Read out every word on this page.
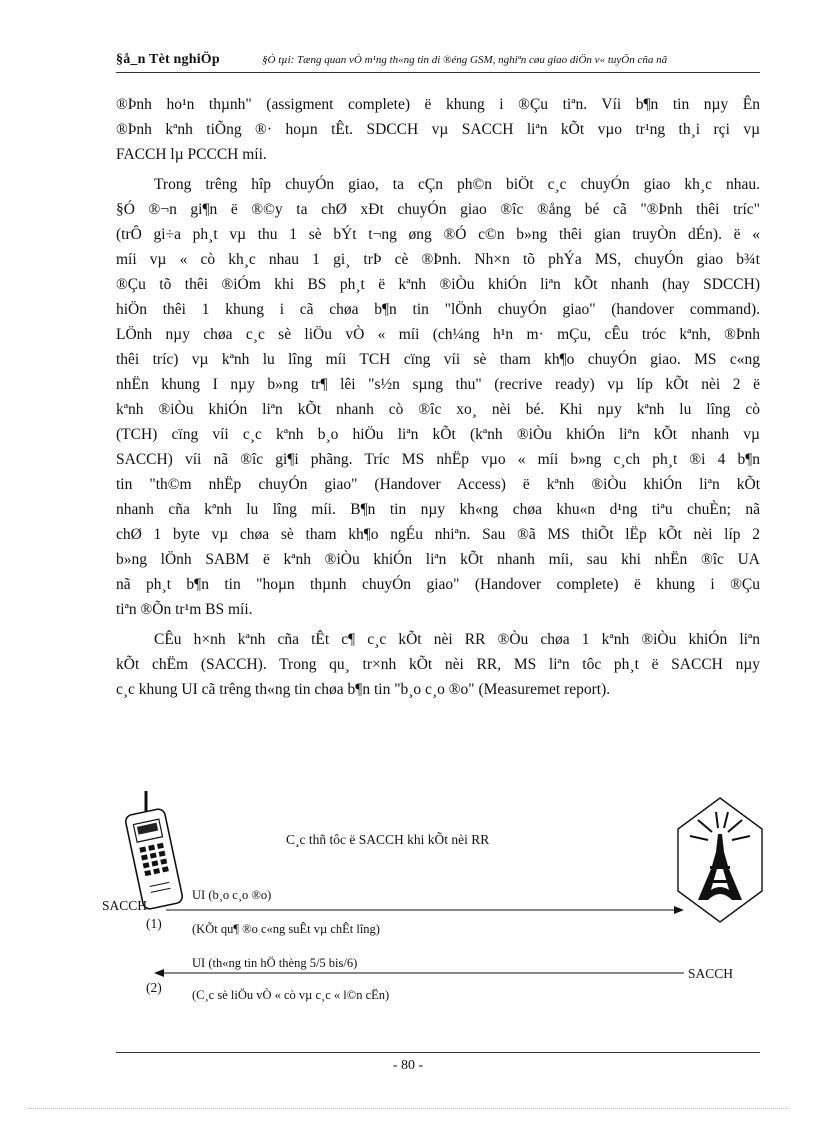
§å_n Tèt nghiÖp	§Ò tµi: Tæng quan vÒ m¹ng th«ng tin di ®éng GSM, nghiªn cøu giao diÖn v« tuyÕn cña nã

®Þnh ho¹n thµnh" (assigment complete) ë khung i ®Çu tiªn. Víi b¶n tin nµy Ên
®Þnh kªnh tiÕng ®· hoµn tÊt. SDCCH vµ SACCH liªn kÕt vµo tr¹ng th¸i rçi vµ
FACCH lµ PCCCH míi.

Trong trêng hîp chuyÓn giao, ta cÇn ph©n biÖt c¸c chuyÓn giao kh¸c nhau.
§Ó ®¬n gi¶n ë ®©y ta chØ xÐt chuyÓn giao ®îc ®ång bé cã "®Þnh thêi tríc"
(trÔ gi÷a ph¸t vµ thu 1 sè bÝt t¬ng øng ®Ó c©n b»ng thêi gian truyÒn dÉn). ë «
míi vµ « cò kh¸c nhau 1 gi¸ trÞ cè ®Þnh. Nh×n tõ phÝa MS, chuyÓn giao b¾t
®Çu tõ thêi ®iÓm khi BS ph¸t ë kªnh ®iÒu khiÓn liªn kÕt nhanh (hay SDCCH)
hiÖn thêi 1 khung i cã chøa b¶n tin "lÖnh chuyÓn giao" (handover command).
LÖnh nµy chøa c¸c sè liÖu vÒ « míi (ch¼ng h¹n m· mÇu, cÊu tróc kªnh, ®Þnh
thêi tríc) vµ kªnh lu lîng míi TCH cïng víi sè tham kh¶o chuyÓn giao. MS c«ng
nhËn khung I nµy b»ng tr¶ lêi "s½n sµng thu" (recrive ready) vµ líp kÕt nèi 2 ë
kªnh ®iÒu khiÓn liªn kÕt nhanh cò ®îc xo¸ nèi bé. Khi nµy kªnh lu lîng cò
(TCH) cïng víi c¸c kªnh b¸o hiÖu liªn kÕt (kªnh ®iÒu khiÓn liªn kÕt nhanh vµ
SACCH) víi nã ®îc gi¶i phãng. Tríc MS nhËp vµo « míi b»ng c¸ch ph¸t ®i 4 b¶n
tin "th©m nhËp chuyÓn giao" (Handover Access) ë kªnh ®iÒu khiÓn liªn kÕt
nhanh cña kªnh lu lîng míi. B¶n tin nµy kh«ng chøa khu«n d¹ng tiªu chuÈn; nã
chØ 1 byte vµ chøa sè tham kh¶o ngÉu nhiªn. Sau ®ã MS thiÕt lËp kÕt nèi líp 2
b»ng lÖnh SABM ë kªnh ®iÒu khiÓn liªn kÕt nhanh míi, sau khi nhËn ®îc UA
nã ph¸t b¶n tin "hoµn thµnh chuyÓn giao" (Handover complete) ë khung i ®Çu
tiªn ®Õn tr¹m BS míi.

CÊu h×nh kªnh cña tÊt c¶ c¸c kÕt nèi RR ®Òu chøa 1 kªnh ®iÒu khiÓn liªn
kÕt chËm (SACCH). Trong qu¸ tr×nh kÕt nèi RR, MS liªn tôc ph¸t ë SACCH nµy
c¸c khung UI cã trêng th«ng tin chøa b¶n tin "b¸o c¸o ®o" (Measuremet report).

C¸c thñ tôc ë SACCH khi kÕt nèi RR
SACCH
(1)
UI (b¸o c¸o ®o)
(KÕt qu¶ ®o c«ng suÊt vµ chÊt lîng)
UI (th«ng tin hÖ thèng 5/5 bis/6)
SACCH
(2) (C¸c sè liÖu vÒ « cò vµ c¸c « l©n cËn)
- 80 -
